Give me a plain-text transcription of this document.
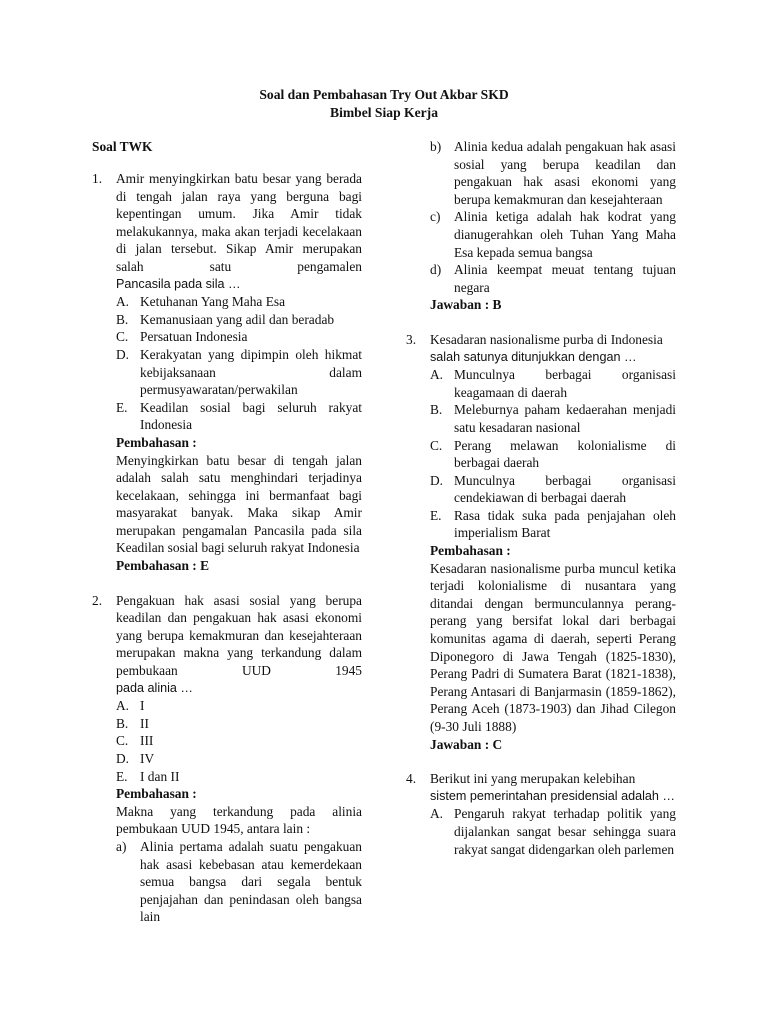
Soal dan Pembahasan Try Out Akbar SKD
Bimbel Siap Kerja
Soal TWK
1. Amir menyingkirkan batu besar yang berada di tengah jalan raya yang berguna bagi kepentingan umum. Jika Amir tidak melakukannya, maka akan terjadi kecelakaan di jalan tersebut. Sikap Amir merupakan salah satu pengamalen
Pancasila pada sila …
A. Ketuhanan Yang Maha Esa
B. Kemanusiaan yang adil dan beradab
C. Persatuan Indonesia
D. Kerakyatan yang dipimpin oleh hikmat kebijaksanaan dalam permusyawaratan/perwakilan
E. Keadilan sosial bagi seluruh rakyat Indonesia
Pembahasan :
Menyingkirkan batu besar di tengah jalan adalah salah satu menghindari terjadinya kecelakaan, sehingga ini bermanfaat bagi masyarakat banyak. Maka sikap Amir merupakan pengamalan Pancasila pada sila Keadilan sosial bagi seluruh rakyat Indonesia
Pembahasan : E
2. Pengakuan hak asasi sosial yang berupa keadilan dan pengakuan hak asasi ekonomi yang berupa kemakmuran dan kesejahteraan merupakan makna yang terkandung dalam pembukaan UUD 1945
pada alinia …
A. I
B. II
C. III
D. IV
E. I dan II
Pembahasan :
Makna yang terkandung pada alinia pembukaan UUD 1945, antara lain :
a) Alinia pertama adalah suatu pengakuan hak asasi kebebasan atau kemerdekaan semua bangsa dari segala bentuk penjajahan dan penindasan oleh bangsa lain
b) Alinia kedua adalah pengakuan hak asasi sosial yang berupa keadilan dan pengakuan hak asasi ekonomi yang berupa kemakmuran dan kesejahteraan
c) Alinia ketiga adalah hak kodrat yang dianugerahkan oleh Tuhan Yang Maha Esa kepada semua bangsa
d) Alinia keempat meuat tentang tujuan negara
Jawaban : B
3. Kesadaran nasionalisme purba di Indonesia
salah satunya ditunjukkan dengan …
A. Munculnya berbagai organisasi keagamaan di daerah
B. Meleburnya paham kedaerahan menjadi satu kesadaran nasional
C. Perang melawan kolonialisme di berbagai daerah
D. Munculnya berbagai organisasi cendekiawan di berbagai daerah
E. Rasa tidak suka pada penjajahan oleh imperialism Barat
Pembahasan :
Kesadaran nasionalisme purba muncul ketika terjadi kolonialisme di nusantara yang ditandai dengan bermunculannya perang-perang yang bersifat lokal dari berbagai komunitas agama di daerah, seperti Perang Diponegoro di Jawa Tengah (1825-1830), Perang Padri di Sumatera Barat (1821-1838), Perang Antasari di Banjarmasin (1859-1862), Perang Aceh (1873-1903) dan Jihad Cilegon (9-30 Juli 1888)
Jawaban : C
4. Berikut ini yang merupakan kelebihan
sistem pemerintahan presidensial adalah …
A. Pengaruh rakyat terhadap politik yang dijalankan sangat besar sehingga suara rakyat sangat didengarkan oleh parlemen
